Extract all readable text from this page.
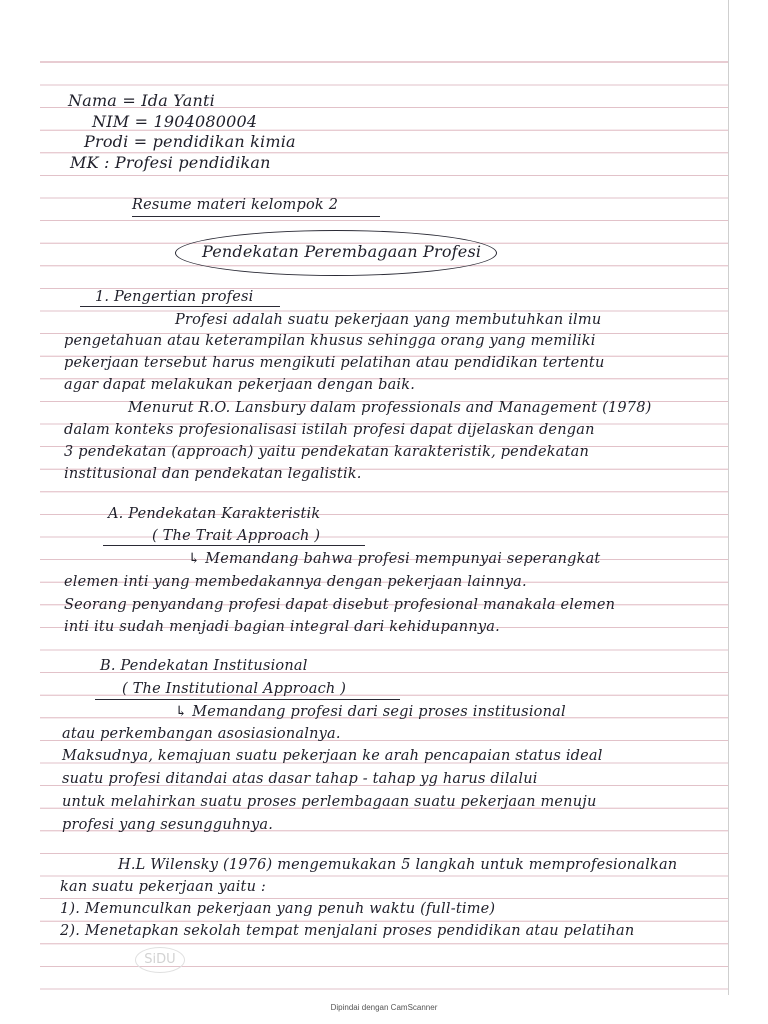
Nama = Ida Yanti
NIM = 1904080004
Prodi = pendidikan kimia
MK : Profesi pendidikan
Resume materi kelompok 2
Pendekatan Perembagaan Profesi
1. Pengertian profesi
Profesi adalah suatu pekerjaan yang membutuhkan ilmu
pengetahuan atau keterampilan khusus sehingga orang yang memiliki
pekerjaan tersebut harus mengikuti pelatihan atau pendidikan tertentu
agar dapat melakukan pekerjaan dengan baik.
Menurut R.O. Lansbury dalam professionals and Management (1978)
dalam konteks profesionalisasi istilah profesi dapat dijelaskan dengan
3 pendekatan (approach) yaitu pendekatan karakteristik, pendekatan
institusional dan pendekatan legalistik.
A. Pendekatan Karakteristik
( The Trait Approach )
↳ Memandang bahwa profesi mempunyai seperangkat
elemen inti yang membedakannya dengan pekerjaan lainnya.
Seorang penyandang profesi dapat disebut profesional manakala elemen
inti itu sudah menjadi bagian integral dari kehidupannya.
B. Pendekatan Institusional
( The Institutional Approach )
↳ Memandang profesi dari segi proses institusional
atau perkembangan asosiasionalnya.
Maksudnya, kemajuan suatu pekerjaan ke arah pencapaian status ideal
suatu profesi ditandai atas dasar tahap - tahap yg harus dilalui
untuk melahirkan suatu proses perlembagaan suatu pekerjaan menuju
profesi yang sesungguhnya.
H.L Wilensky (1976) mengemukakan 5 langkah untuk memprofesionalkan
kan suatu pekerjaan yaitu :
1). Memunculkan pekerjaan yang penuh waktu (full-time)
2). Menetapkan sekolah tempat menjalani proses pendidikan atau pelatihan
SiDU
Dipindai dengan CamScanner
